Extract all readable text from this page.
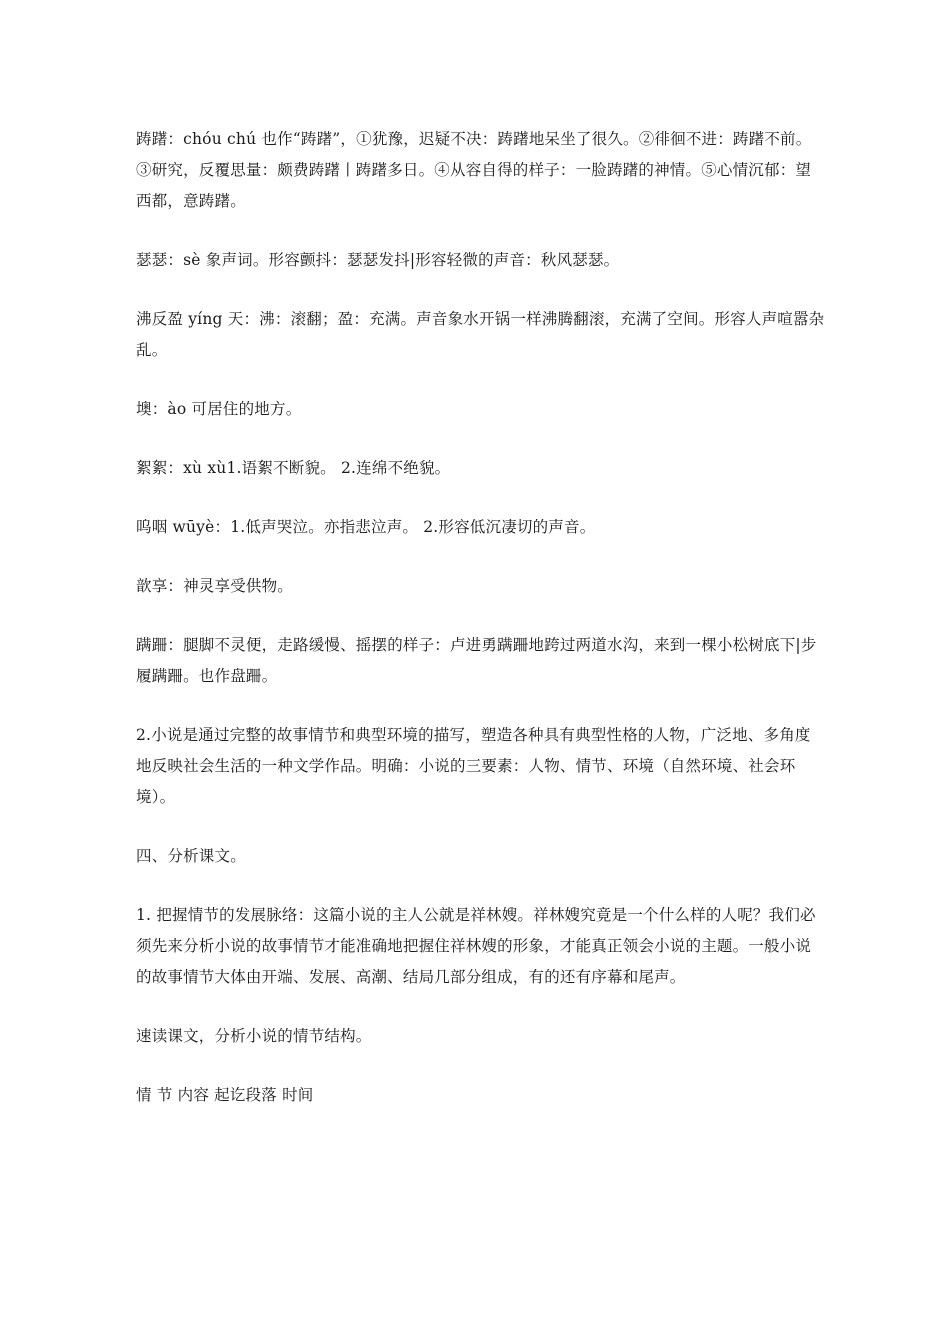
踌躇：chóu chú 也作“踌躇”，①犹豫，迟疑不决：踌躇地呆坐了很久。②徘徊不进：踌躇不前。③研究，反覆思量：颇费踌躇丨踌躇多日。④从容自得的样子：一脸踌躇的神情。⑤心情沉郁：望西都，意踌躇。

瑟瑟：sè 象声词。形容颤抖：瑟瑟发抖|形容轻微的声音：秋风瑟瑟。

沸反盈 yíng 天：沸：滚翻；盈：充满。声音象水开锅一样沸腾翻滚，充满了空间。形容人声喧嚣杂乱。

墺：ào 可居住的地方。

絮絮：xù xù1.语絮不断貌。 2.连绵不绝貌。

呜咽 wūyè：1.低声哭泣。亦指悲泣声。 2.形容低沉凄切的声音。

歆享：神灵享受供物。

蹒跚：腿脚不灵便，走路缓慢、摇摆的样子：卢进勇蹒跚地跨过两道水沟，来到一棵小松树底下|步履蹒跚。也作盘跚。

2.小说是通过完整的故事情节和典型环境的描写，塑造各种具有典型性格的人物，广泛地、多角度地反映社会生活的一种文学作品。明确：小说的三要素：人物、情节、环境（自然环境、社会环境）。

四、分析课文。

1. 把握情节的发展脉络：这篇小说的主人公就是祥林嫂。祥林嫂究竟是一个什么样的人呢？我们必须先来分析小说的故事情节才能准确地把握住祥林嫂的形象，才能真正领会小说的主题。一般小说的故事情节大体由开端、发展、高潮、结局几部分组成，有的还有序幕和尾声。

速读课文，分析小说的情节结构。

情 节 内容 起讫段落 时间
